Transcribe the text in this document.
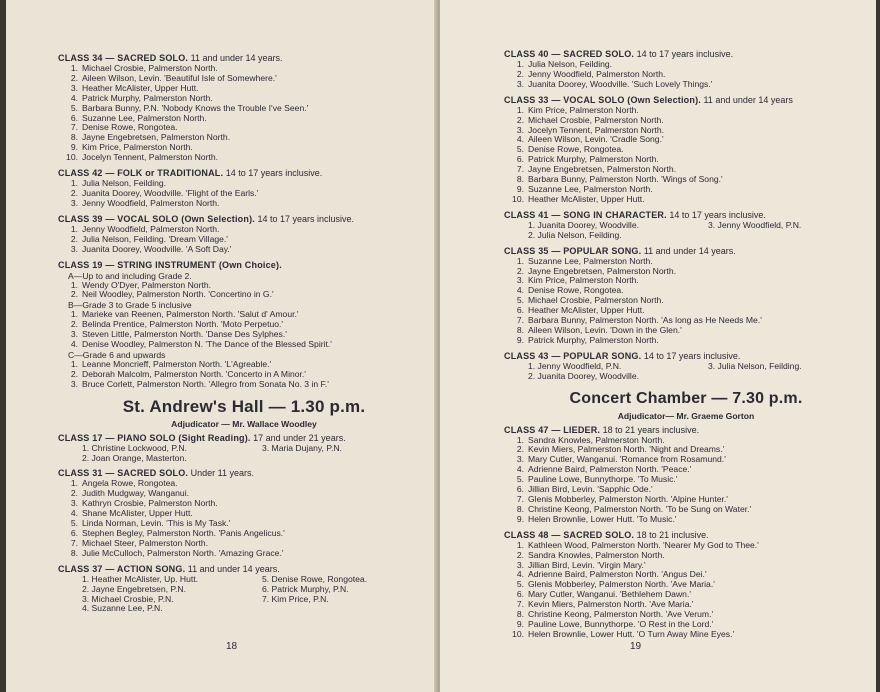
CLASS 34 — SACRED SOLO. 11 and under 14 years.
1. Michael Crosbie, Palmerston North.
2. Aileen Wilson, Levin. 'Beautiful Isle of Somewhere.'
3. Heather McAlister, Upper Hutt.
4. Patrick Murphy, Palmerston North.
5. Barbara Bunny, P.N. 'Nobody Knows the Trouble I've Seen.'
6. Suzanne Lee, Palmerston North.
7. Denise Rowe, Rongotea.
8. Jayne Engebretsen, Palmerston North.
9. Kim Price, Palmerston North.
10. Jocelyn Tennent, Palmerston North.
CLASS 42 — FOLK or TRADITIONAL. 14 to 17 years inclusive.
1. Julia Nelson, Feilding.
2. Juanita Doorey, Woodville. 'Flight of the Earls.'
3. Jenny Woodfield, Palmerston North.
CLASS 39 — VOCAL SOLO (Own Selection). 14 to 17 years inclusive.
1. Jenny Woodfield, Palmerston North.
2. Julia Nelson, Feilding. 'Dream Village.'
3. Juanita Doorey, Woodville. 'A Soft Day.'
CLASS 19 — STRING INSTRUMENT (Own Choice).
A—Up to and including Grade 2.
1. Wendy O'Dyer, Palmerston North.
2. Neil Woodley, Palmerston North. 'Concertino in G.'
B—Grade 3 to Grade 5 inclusive
1. Marieke van Reenen, Palmerston North. 'Salut d' Amour.'
2. Belinda Prentice, Palmerston North. 'Moto Perpetuo.'
3. Steven Little, Palmerston North. 'Danse Des Sylphes.'
4. Denise Woodley, Palmerston N. 'The Dance of the Blessed Spirit.'
C—Grade 6 and upwards
1. Leanne Moncrieff, Palmerston North. 'L'Agreable.'
2. Deborah Malcolm, Palmerston North. 'Concerto in A Minor.'
3. Bruce Corlett, Palmerston North. 'Allegro from Sonata No. 3 in F.'
St. Andrew's Hall — 1.30 p.m.
Adjudicator — Mr. Wallace Woodley
CLASS 17 — PIANO SOLO (Sight Reading). 17 and under 21 years.
1. Christine Lockwood, P.N.	3. Maria Dujany, P.N.
2. Joan Orange, Masterton.
CLASS 31 — SACRED SOLO. Under 11 years.
1. Angela Rowe, Rongotea.
2. Judith Mudgway, Wanganui.
3. Kathryn Crosbie, Palmerston North.
4. Shane McAlister, Upper Hutt.
5. Linda Norman, Levin. 'This is My Task.'
6. Stephen Begley, Palmerston North. 'Panis Angelicus.'
7. Michael Steer, Palmerston North.
8. Julie McCulloch, Palmerston North. 'Amazing Grace.'
CLASS 37 — ACTION SONG. 11 and under 14 years.
1. Heather McAlister, Up. Hutt.	5. Denise Rowe, Rongotea.
2. Jayne Engebretsen, P.N.	6. Patrick Murphy, P.N.
3. Michael Crosbie, P.N.	7. Kim Price, P.N.
4. Suzanne Lee, P.N.
18
CLASS 40 — SACRED SOLO. 14 to 17 years inclusive.
1. Julia Nelson, Feilding.
2. Jenny Woodfield, Palmerston North.
3. Juanita Doorey, Woodville. 'Such Lovely Things.'
CLASS 33 — VOCAL SOLO (Own Selection). 11 and under 14 years
1. Kim Price, Palmerston North.
2. Michael Crosbie, Palmerston North.
3. Jocelyn Tennent, Palmerston North.
4. Aileen Wilson, Levin. 'Cradle Song.'
5. Denise Rowe, Rongotea.
6. Patrick Murphy, Palmerston North.
7. Jayne Engebretsen, Palmerston North.
8. Barbara Bunny, Palmerston North. 'Wings of Song.'
9. Suzanne Lee, Palmerston North.
10. Heather McAlister, Upper Hutt.
CLASS 41 — SONG IN CHARACTER. 14 to 17 years inclusive.
1. Juanita Doorey, Woodville.	3. Jenny Woodfield, P.N.
2. Julia Nelson, Feilding.
CLASS 35 — POPULAR SONG. 11 and under 14 years.
1. Suzanne Lee, Palmerston North.
2. Jayne Engebretsen, Palmerston North.
3. Kim Price, Palmerston North.
4. Denise Rowe, Rongotea.
5. Michael Crosbie, Palmerston North.
6. Heather McAlister, Upper Hutt.
7. Barbara Bunny, Palmerston North. 'As long as He Needs Me.'
8. Aileen Wilson, Levin. 'Down in the Glen.'
9. Patrick Murphy, Palmerston North.
CLASS 43 — POPULAR SONG. 14 to 17 years inclusive.
1. Jenny Woodfield, P.N.	3. Julia Nelson, Feilding.
2. Juanita Doorey, Woodville.
Concert Chamber — 7.30 p.m.
Adjudicator— Mr. Graeme Gorton
CLASS 47 — LIEDER. 18 to 21 years inclusive.
1. Sandra Knowles, Palmerston North.
2. Kevin Miers, Palmerston North. 'Night and Dreams.'
3. Mary Cutler, Wanganui. 'Romance from Rosamund.'
4. Adrienne Baird, Palmerston North. 'Peace.'
5. Pauline Lowe, Bunnythorpe. 'To Music.'
6. Jillian Bird, Levin. 'Sapphic Ode.'
7. Glenis Mobberley, Palmerston North. 'Alpine Hunter.'
8. Christine Keong, Palmerston North. 'To be Sung on Water.'
9. Helen Brownlie, Lower Hutt. 'To Music.'
CLASS 48 — SACRED SOLO. 18 to 21 inclusive.
1. Kathleen Wood, Palmerston North. 'Nearer My God to Thee.'
2. Sandra Knowles, Palmerston North.
3. Jillian Bird, Levin. 'Virgin Mary.'
4. Adrienne Baird, Palmerston North. 'Angus Dei.'
5. Glenis Mobberley, Palmerston North. 'Ave Maria.'
6. Mary Cutler, Wanganui. 'Bethlehem Dawn.'
7. Kevin Miers, Palmerston North. 'Ave Maria.'
8. Christine Keong, Palmerston North. 'Ave Verum.'
9. Pauline Lowe, Bunnythorpe. 'O Rest in the Lord.'
10. Helen Brownlie, Lower Hutt. 'O Turn Away Mine Eyes.'
19
